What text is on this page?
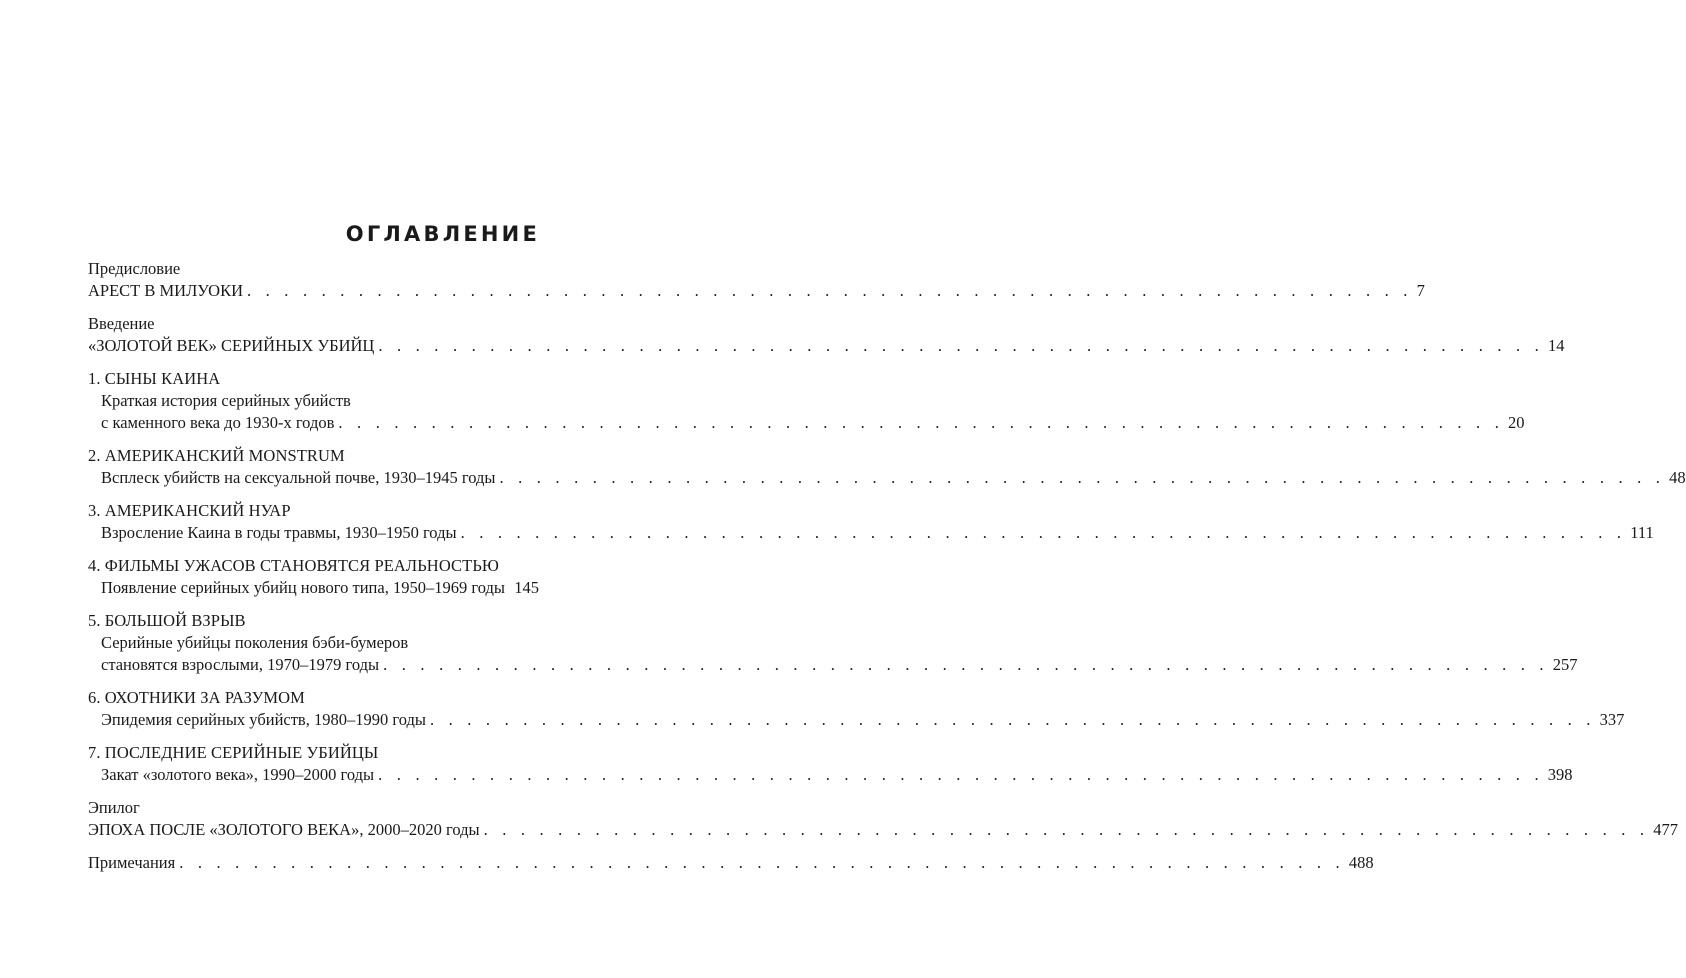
ОГЛАВЛЕНИЕ
Предисловие
АРЕСТ В МИЛУОКИ . . . . . . . . . . . . . . . . . . . . . . . . . . . . . . . . . . . . . . . . . . . . . . . . . . . . . . . . . . . . . . . 7
Введение
«ЗОЛОТОЙ ВЕК» СЕРИЙНЫХ УБИЙЦ . . . . . . . . . . . . . . . . . . . . . . . . . . . . . . . . . . . . . . . . . . . . . . . . . . . . . . . . . . . . . . . 14
1. СЫНЫ КАИНА
Краткая история серийных убийств
с каменного века до 1930-х годов . . . . . . . . . . . . . . . . . . . . . . . . . . . . . . . . . . . . . . . . . . . . . . . . . . . . . . . . . . . . . . . 20
2. АМЕРИКАНСКИЙ MONSTRUM
Всплеск убийств на сексуальной почве, 1930–1945 годы . . . . . . . . . . . . . . . . . . . . . . . . . . . . . . . . . . . . . . . . . . . . . . . . . . . . . . . . . . . . . . . 48
3. АМЕРИКАНСКИЙ НУАР
Взросление Каина в годы травмы, 1930–1950 годы . . . . . . . . . . . . . . . . . . . . . . . . . . . . . . . . . . . . . . . . . . . . . . . . . . . . . . . . . . . . . . . 111
4. ФИЛЬМЫ УЖАСОВ СТАНОВЯТСЯ РЕАЛЬНОСТЬЮ
Появление серийных убийц нового типа, 1950–1969 годы 145
5. БОЛЬШОЙ ВЗРЫВ
Серийные убийцы поколения бэби-бумеров
становятся взрослыми, 1970–1979 годы . . . . . . . . . . . . . . . . . . . . . . . . . . . . . . . . . . . . . . . . . . . . . . . . . . . . . . . . . . . . . . . 257
6. ОХОТНИКИ ЗА РАЗУМОМ
Эпидемия серийных убийств, 1980–1990 годы . . . . . . . . . . . . . . . . . . . . . . . . . . . . . . . . . . . . . . . . . . . . . . . . . . . . . . . . . . . . . . . 337
7. ПОСЛЕДНИЕ СЕРИЙНЫЕ УБИЙЦЫ
Закат «золотого века», 1990–2000 годы . . . . . . . . . . . . . . . . . . . . . . . . . . . . . . . . . . . . . . . . . . . . . . . . . . . . . . . . . . . . . . . 398
Эпилог
ЭПОХА ПОСЛЕ «ЗОЛОТОГО ВЕКА», 2000–2020 годы . . . . . . . . . . . . . . . . . . . . . . . . . . . . . . . . . . . . . . . . . . . . . . . . . . . . . . . . . . . . . . . 477
Примечания . . . . . . . . . . . . . . . . . . . . . . . . . . . . . . . . . . . . . . . . . . . . . . . . . . . . . . . . . . . . . . . 488
